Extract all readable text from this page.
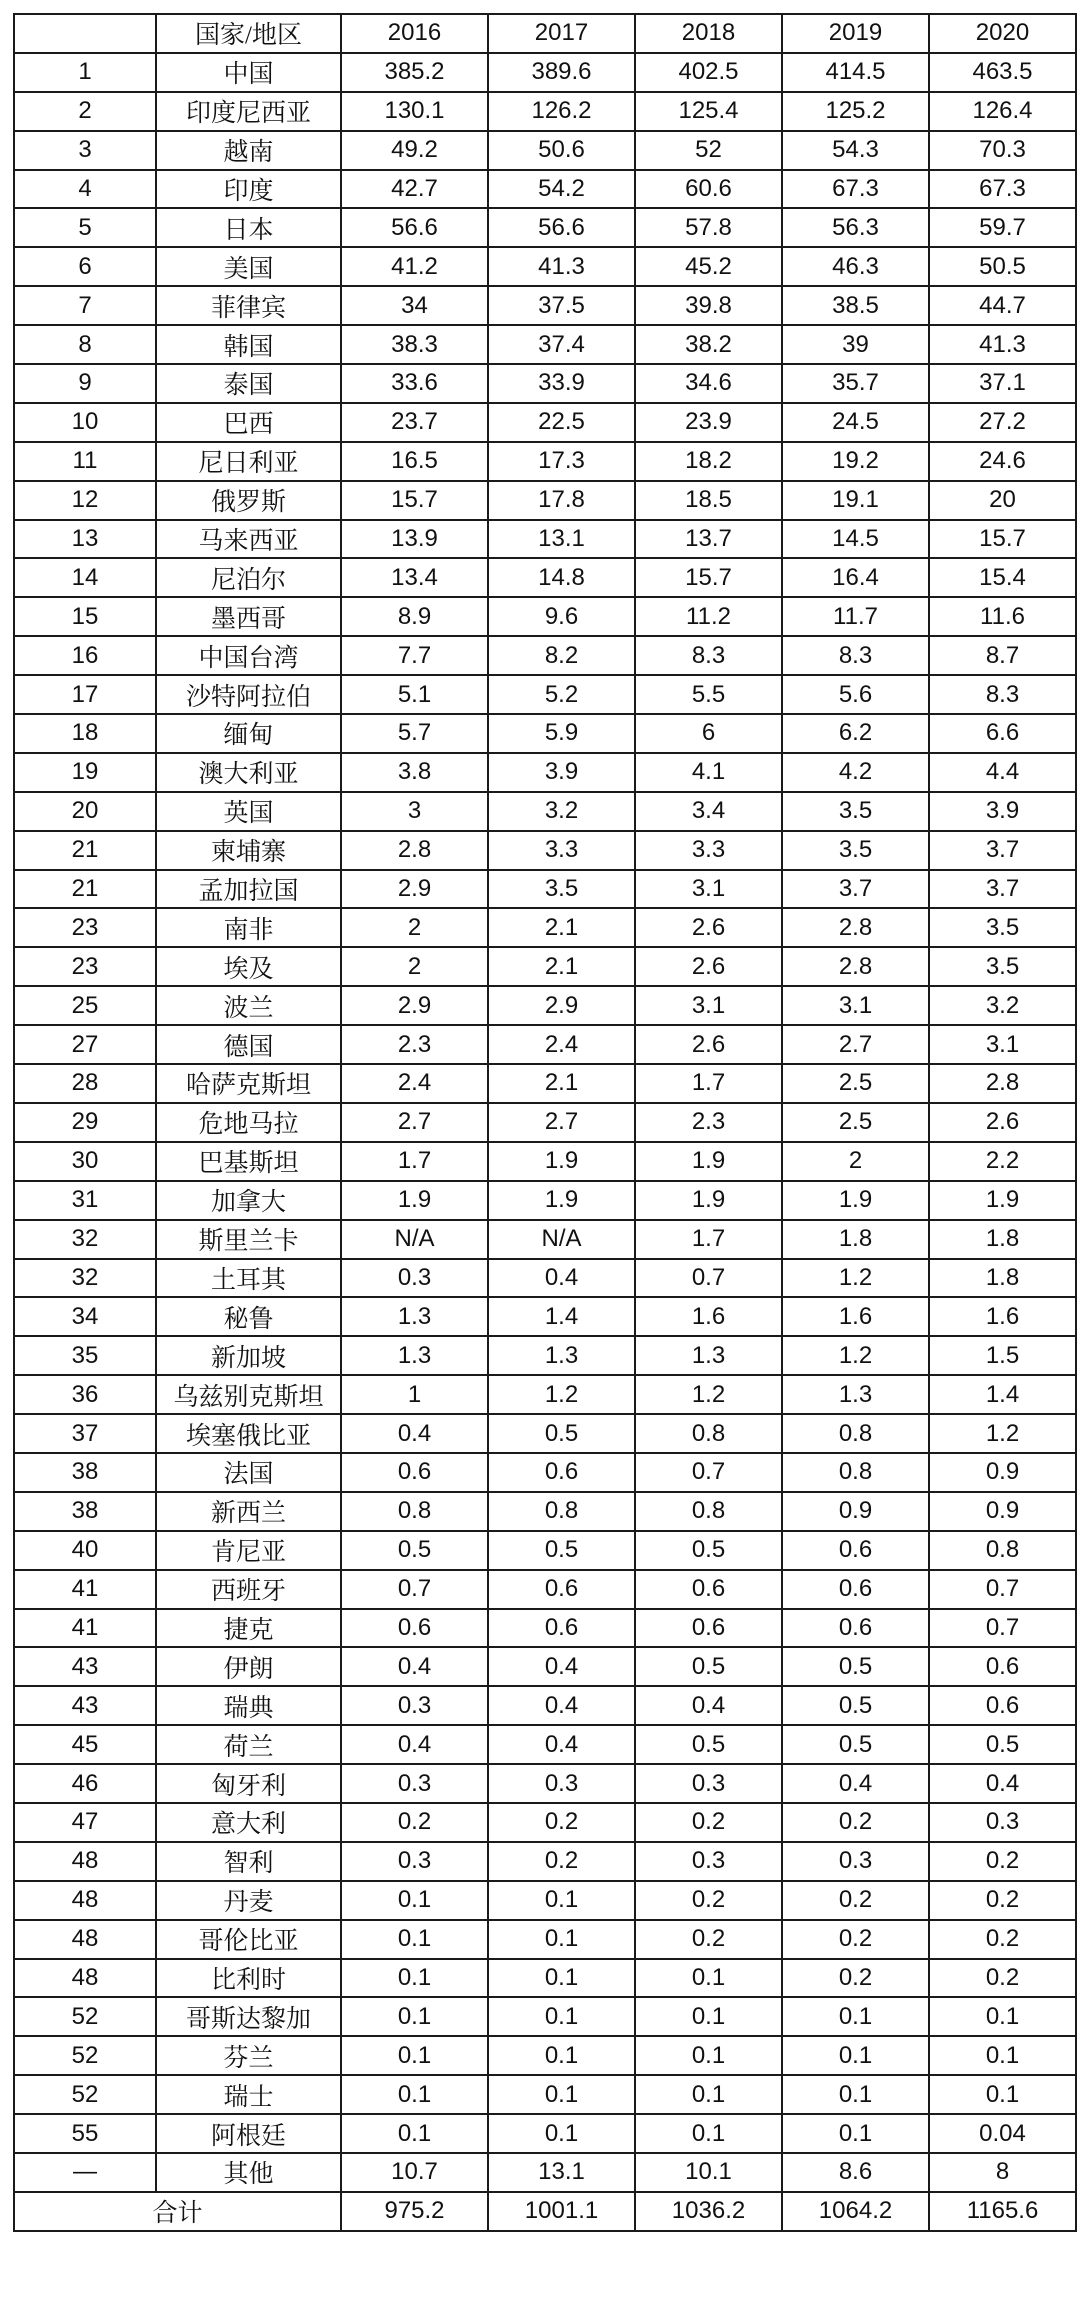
	国家/地区	2016	2017	2018	2019	2020
1	中国	385.2	389.6	402.5	414.5	463.5
2	印度尼西亚	130.1	126.2	125.4	125.2	126.4
3	越南	49.2	50.6	52	54.3	70.3
4	印度	42.7	54.2	60.6	67.3	67.3
5	日本	56.6	56.6	57.8	56.3	59.7
6	美国	41.2	41.3	45.2	46.3	50.5
7	菲律宾	34	37.5	39.8	38.5	44.7
8	韩国	38.3	37.4	38.2	39	41.3
9	泰国	33.6	33.9	34.6	35.7	37.1
10	巴西	23.7	22.5	23.9	24.5	27.2
11	尼日利亚	16.5	17.3	18.2	19.2	24.6
12	俄罗斯	15.7	17.8	18.5	19.1	20
13	马来西亚	13.9	13.1	13.7	14.5	15.7
14	尼泊尔	13.4	14.8	15.7	16.4	15.4
15	墨西哥	8.9	9.6	11.2	11.7	11.6
16	中国台湾	7.7	8.2	8.3	8.3	8.7
17	沙特阿拉伯	5.1	5.2	5.5	5.6	8.3
18	缅甸	5.7	5.9	6	6.2	6.6
19	澳大利亚	3.8	3.9	4.1	4.2	4.4
20	英国	3	3.2	3.4	3.5	3.9
21	柬埔寨	2.8	3.3	3.3	3.5	3.7
21	孟加拉国	2.9	3.5	3.1	3.7	3.7
23	南非	2	2.1	2.6	2.8	3.5
23	埃及	2	2.1	2.6	2.8	3.5
25	波兰	2.9	2.9	3.1	3.1	3.2
27	德国	2.3	2.4	2.6	2.7	3.1
28	哈萨克斯坦	2.4	2.1	1.7	2.5	2.8
29	危地马拉	2.7	2.7	2.3	2.5	2.6
30	巴基斯坦	1.7	1.9	1.9	2	2.2
31	加拿大	1.9	1.9	1.9	1.9	1.9
32	斯里兰卡	N/A	N/A	1.7	1.8	1.8
32	土耳其	0.3	0.4	0.7	1.2	1.8
34	秘鲁	1.3	1.4	1.6	1.6	1.6
35	新加坡	1.3	1.3	1.3	1.2	1.5
36	乌兹别克斯坦	1	1.2	1.2	1.3	1.4
37	埃塞俄比亚	0.4	0.5	0.8	0.8	1.2
38	法国	0.6	0.6	0.7	0.8	0.9
38	新西兰	0.8	0.8	0.8	0.9	0.9
40	肯尼亚	0.5	0.5	0.5	0.6	0.8
41	西班牙	0.7	0.6	0.6	0.6	0.7
41	捷克	0.6	0.6	0.6	0.6	0.7
43	伊朗	0.4	0.4	0.5	0.5	0.6
43	瑞典	0.3	0.4	0.4	0.5	0.6
45	荷兰	0.4	0.4	0.5	0.5	0.5
46	匈牙利	0.3	0.3	0.3	0.4	0.4
47	意大利	0.2	0.2	0.2	0.2	0.3
48	智利	0.3	0.2	0.3	0.3	0.2
48	丹麦	0.1	0.1	0.2	0.2	0.2
48	哥伦比亚	0.1	0.1	0.2	0.2	0.2
48	比利时	0.1	0.1	0.1	0.2	0.2
52	哥斯达黎加	0.1	0.1	0.1	0.1	0.1
52	芬兰	0.1	0.1	0.1	0.1	0.1
52	瑞士	0.1	0.1	0.1	0.1	0.1
55	阿根廷	0.1	0.1	0.1	0.1	0.04
—	其他	10.7	13.1	10.1	8.6	8
合计		975.2	1001.1	1036.2	1064.2	1165.6
